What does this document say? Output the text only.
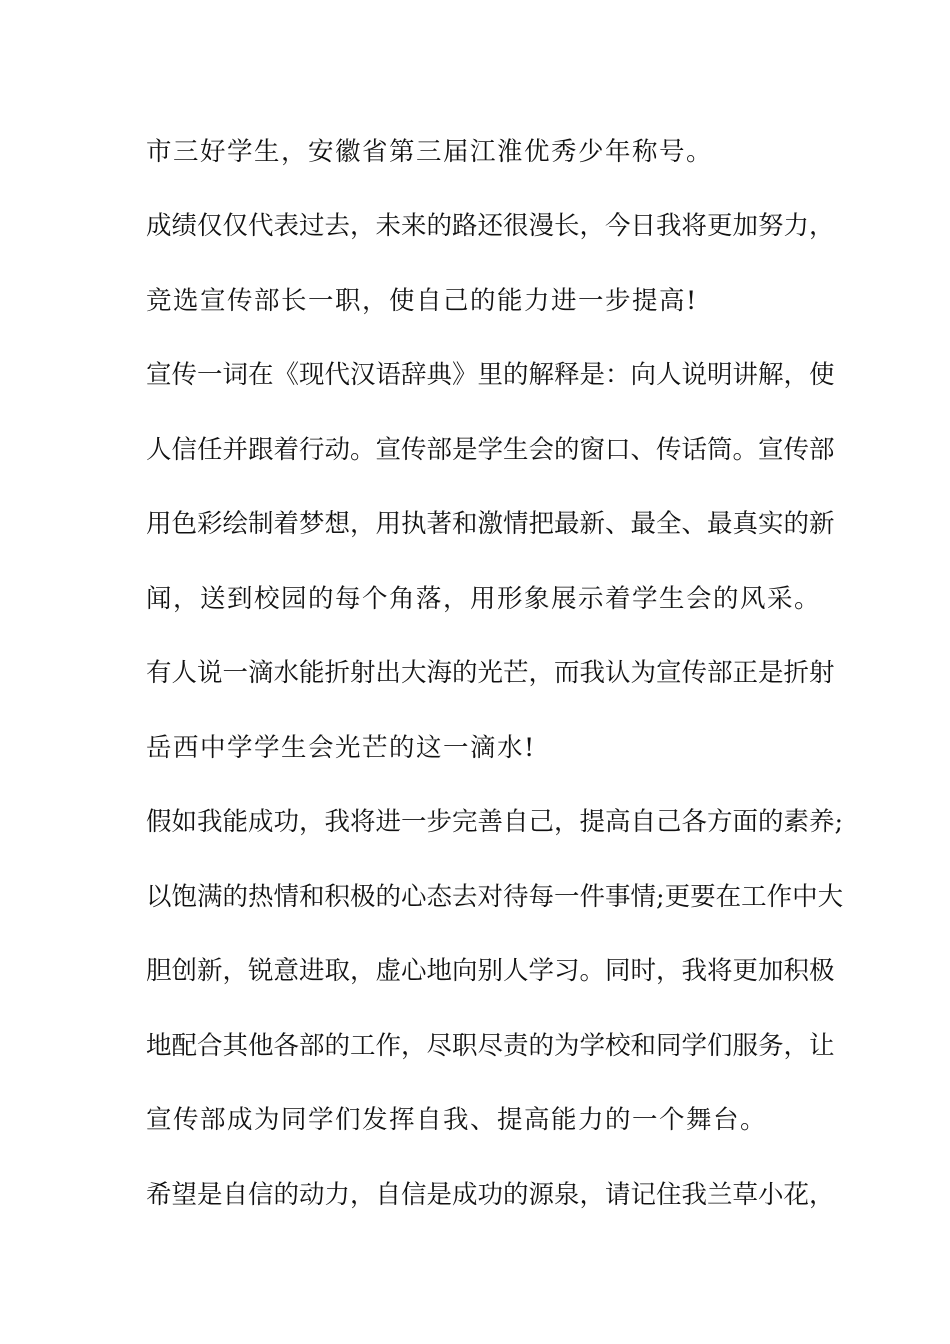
市三好学生，安徽省第三届江淮优秀少年称号。
成绩仅仅代表过去，未来的路还很漫长，今日我将更加努力，
竞选宣传部长一职，使自己的能力进一步提高!
宣传一词在《现代汉语辞典》里的解释是：向人说明讲解，使
人信任并跟着行动。宣传部是学生会的窗口、传话筒。宣传部
用色彩绘制着梦想，用执著和激情把最新、最全、最真实的新
闻，送到校园的每个角落，用形象展示着学生会的风采。
有人说一滴水能折射出大海的光芒，而我认为宣传部正是折射
岳西中学学生会光芒的这一滴水!
假如我能成功，我将进一步完善自己，提高自己各方面的素养;
以饱满的热情和积极的心态去对待每一件事情;更要在工作中大
胆创新，锐意进取，虚心地向别人学习。同时，我将更加积极
地配合其他各部的工作，尽职尽责的为学校和同学们服务，让
宣传部成为同学们发挥自我、提高能力的一个舞台。
希望是自信的动力，自信是成功的源泉，请记住我兰草小花，
